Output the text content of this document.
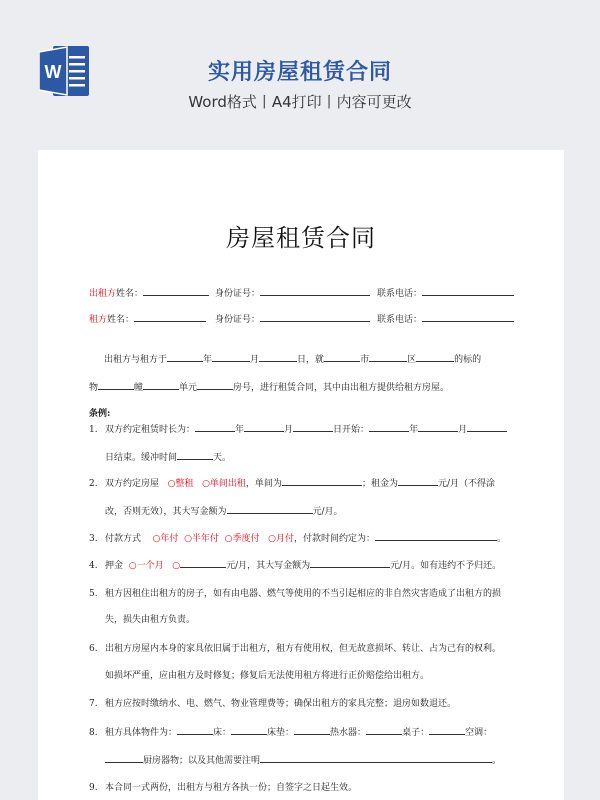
W	实用房屋租赁合同
Word格式丨A4打印丨内容可更改
房屋租赁合同
出租方姓名：	身份证号：	联系电话：
租方姓名：	身份证号：	联系电话：
出租方与租方于	年	月	日，就	市	区	的标的
物	幢	单元	房号，进行租赁合同，其中由出租方提供给租方房屋。
条例:
1. 双方约定租赁时长为：	年	月	日开始：	年	月
日结束。缓冲时间	天。
2. 双方约定房屋 ○整租 ○单间出租，单间为	；租金为	元/月（不得涂
改，否则无效），其大写金额为	元/月。
3. 付款方式 ○年付 ○半年付 ○季度付 ○月付，付款时间约定为：	。
4. 押金 ○一个月 ○	元/月，其大写金额为	元/月。如有违约不予归还。
5. 租方因租住出租方的房子，如有由电器、燃气等使用的不当引起相应的非自然灾害造成了出租方的损
失，损失由租方负责。
6. 出租方房屋内本身的家具依旧属于出租方，租方有使用权，但无故意损坏、转让、占为己有的权利。
如损坏严重，应由租方及时修复；修复后无法使用租方将进行正价赔偿给出租方。
7. 租方应按时缴纳水、电、燃气、物业管理费等；确保出租方的家具完整；退房如数退还。
8. 租方具体物件为：	床：	床垫：	热水器：	桌子：	空调：
厨房器物；以及其他需要注明	。
9. 本合同一式两份，出租方与租方各执一份；自签字之日起生效。
